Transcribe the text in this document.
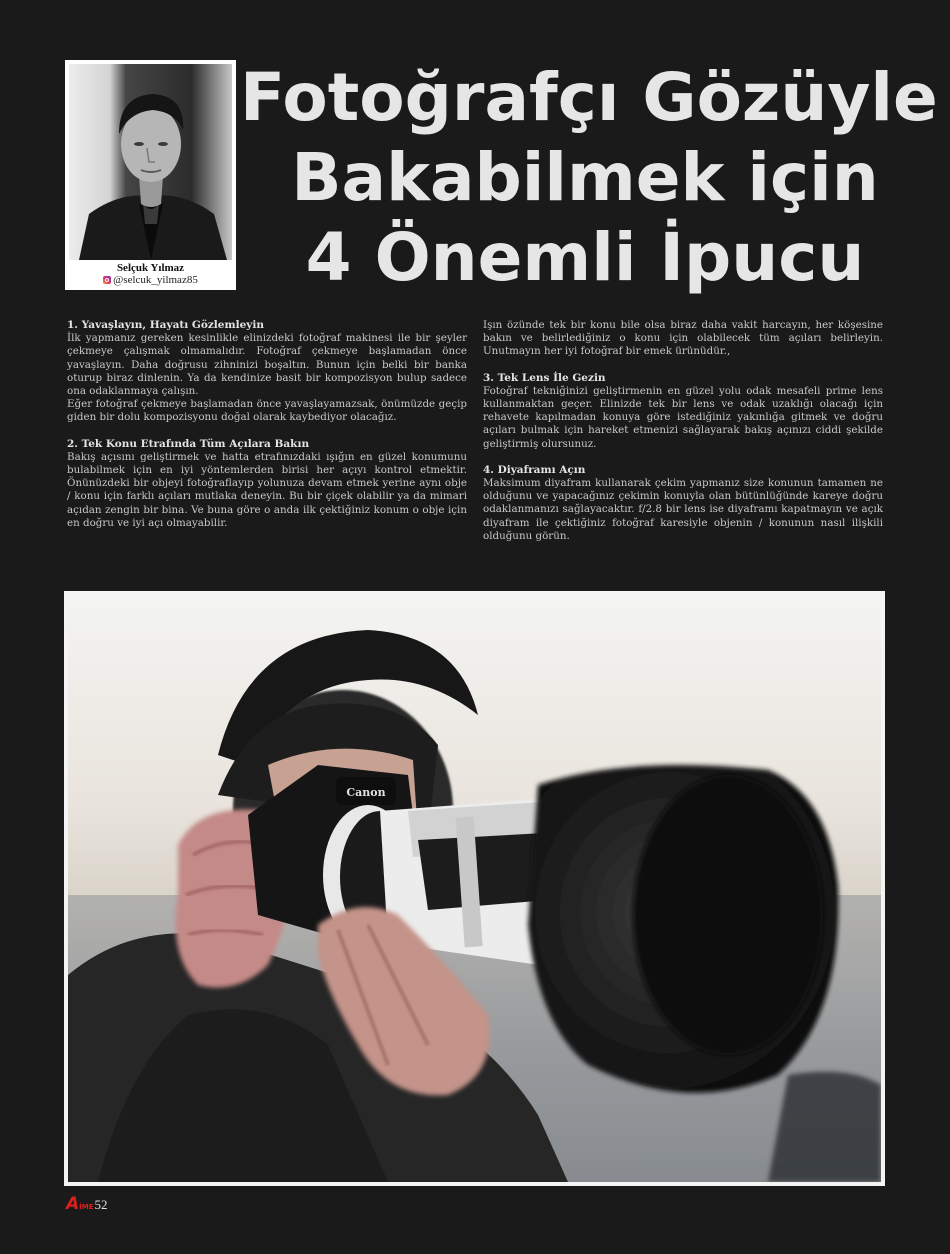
Selçuk Yılmaz
@selcuk_yilmaz85
Fotoğrafçı Gözüyle
Bakabilmek için
4 Önemli İpucu
1. Yavaşlayın, Hayatı Gözlemleyin

İlk yapmanız gereken kesinlikle elinizdeki fotoğraf makinesi ile bir şeyler çekmeye çalışmak olmamalıdır. Fotoğraf çekmeye başlamadan önce yavaşlayın. Daha doğrusu zihninizi boşaltın. Bunun için belki bir banka oturup biraz dinlenin. Ya da kendinize basit bir kompozisyon bulup sadece ona odaklanmaya çalışın.

Eğer fotoğraf çekmeye başlamadan önce yavaşlayamazsak, önümüzde geçip giden bir dolu kompozisyonu doğal olarak kaybediyor olacağız.

2. Tek Konu Etrafında Tüm Açılara Bakın

Bakış açısını geliştirmek ve hatta etrafınızdaki ışığın en güzel konumunu bulabilmek için en iyi yöntemlerden birisi her açıyı kontrol etmektir. Önünüzdeki bir objeyi fotoğraflayıp yolunuza devam etmek yerine aynı obje / konu için farklı açıları mutlaka deneyin. Bu bir çiçek olabilir ya da mimari açıdan zengin bir bina. Ve buna göre o anda ilk çektiğiniz konum o obje için en doğru ve iyi açı olmayabilir.

Işın özünde tek bir konu bile olsa biraz daha vakit harcayın, her köşesine bakın ve belirlediğiniz o konu için olabilecek tüm açıları belirleyin. Unutmayın her iyi fotoğraf bir emek ürünüdür.,

3. Tek Lens İle Gezin

Fotoğraf tekniğinizi geliştirmenin en güzel yolu odak mesafeli prime lens kullanmaktan geçer. Elinizde tek bir lens ve odak uzaklığı olacağı için rehavete kapılmadan konuya göre istediğiniz yakınlığa gitmek ve doğru açıları bulmak için hareket etmenizi sağlayarak bakış açınızı ciddi şekilde geliştirmiş olursunuz.

4. Diyaframı Açın

Maksimum diyafram kullanarak çekim yapmanız size konunun tamamen ne olduğunu ve yapacağınız çekimin konuyla olan bütünlüğünde kareye doğru odaklanmanızı sağlayacaktır. f/2.8 bir lens ise diyaframı kapatmayın ve açık diyafram ile çektiğiniz fotoğraf karesiyle objenin / konunun nasıl ilişkili olduğunu görün.

Canon
A İME 52
